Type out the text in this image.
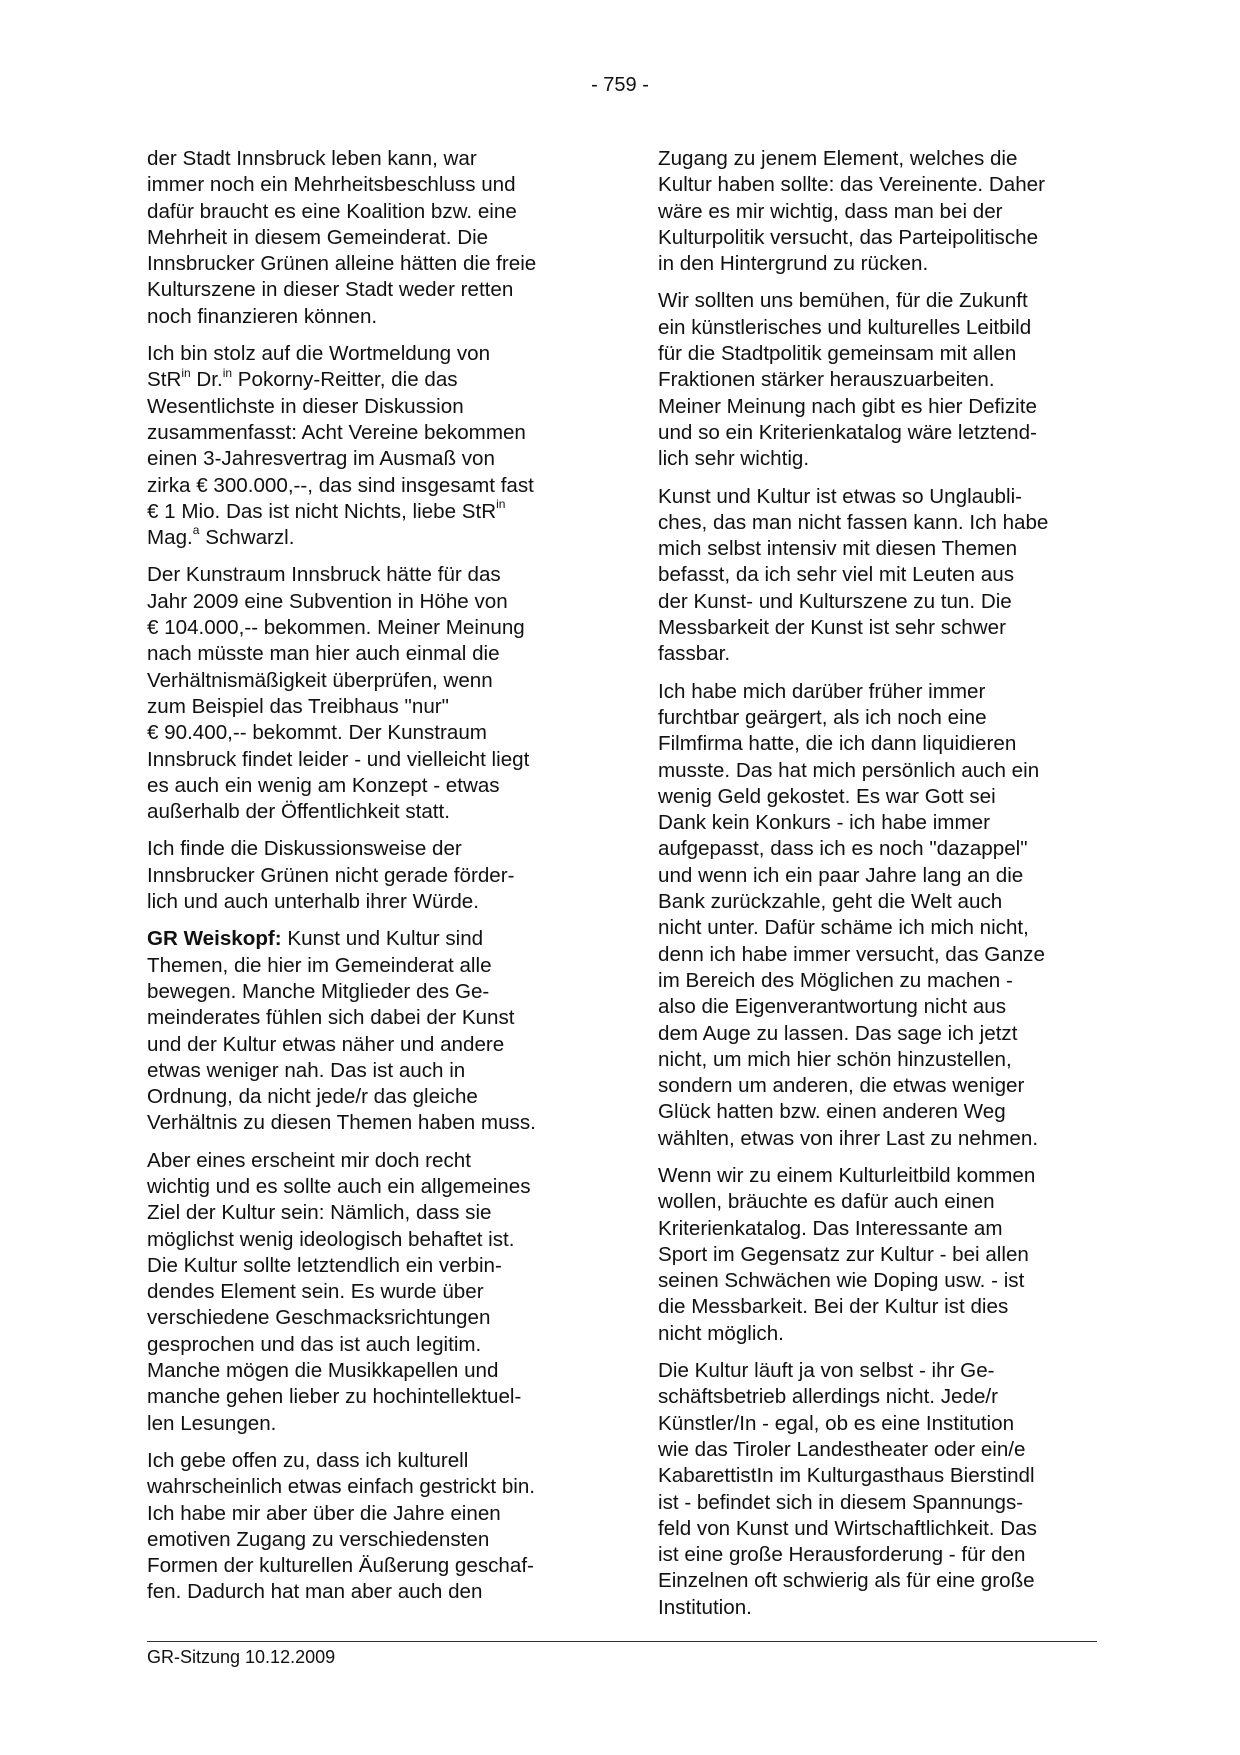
- 759 -

der Stadt Innsbruck leben kann, war
immer noch ein Mehrheitsbeschluss und
dafür braucht es eine Koalition bzw. eine
Mehrheit in diesem Gemeinderat. Die
Innsbrucker Grünen alleine hätten die freie
Kulturszene in dieser Stadt weder retten
noch finanzieren können.

Ich bin stolz auf die Wortmeldung von
StR$^{in}$ Dr.$^{in}$ Pokorny-Reitter, die das
Wesentlichste in dieser Diskussion
zusammenfasst: Acht Vereine bekommen
einen 3-Jahresvertrag im Ausmaß von
zirka € 300.000,--, das sind insgesamt fast
€ 1 Mio. Das ist nicht Nichts, liebe StR$^{in}$
Mag.$^a$ Schwarzl.

Der Kunstraum Innsbruck hätte für das
Jahr 2009 eine Subvention in Höhe von
€ 104.000,-- bekommen. Meiner Meinung
nach müsste man hier auch einmal die
Verhältnismäßigkeit überprüfen, wenn
zum Beispiel das Treibhaus "nur"
€ 90.400,-- bekommt. Der Kunstraum
Innsbruck findet leider - und vielleicht liegt
es auch ein wenig am Konzept - etwas
außerhalb der Öffentlichkeit statt.

Ich finde die Diskussionsweise der
Innsbrucker Grünen nicht gerade förder-
lich und auch unterhalb ihrer Würde.

GR Weiskopf: Kunst und Kultur sind
Themen, die hier im Gemeinderat alle
bewegen. Manche Mitglieder des Ge-
meinderates fühlen sich dabei der Kunst
und der Kultur etwas näher und andere
etwas weniger nah. Das ist auch in
Ordnung, da nicht jede/r das gleiche
Verhältnis zu diesen Themen haben muss.

Aber eines erscheint mir doch recht
wichtig und es sollte auch ein allgemeines
Ziel der Kultur sein: Nämlich, dass sie
möglichst wenig ideologisch behaftet ist.
Die Kultur sollte letztendlich ein verbin-
dendes Element sein. Es wurde über
verschiedene Geschmacksrichtungen
gesprochen und das ist auch legitim.
Manche mögen die Musikkapellen und
manche gehen lieber zu hochintellektuel-
len Lesungen.

Ich gebe offen zu, dass ich kulturell
wahrscheinlich etwas einfach gestrickt bin.
Ich habe mir aber über die Jahre einen
emotiven Zugang zu verschiedensten
Formen der kulturellen Äußerung geschaf-
fen. Dadurch hat man aber auch den

Zugang zu jenem Element, welches die
Kultur haben sollte: das Vereinente. Daher
wäre es mir wichtig, dass man bei der
Kulturpolitik versucht, das Parteipolitische
in den Hintergrund zu rücken.

Wir sollten uns bemühen, für die Zukunft
ein künstlerisches und kulturelles Leitbild
für die Stadtpolitik gemeinsam mit allen
Fraktionen stärker herauszuarbeiten.
Meiner Meinung nach gibt es hier Defizite
und so ein Kriterienkatalog wäre letztend-
lich sehr wichtig.

Kunst und Kultur ist etwas so Unglaubli-
ches, das man nicht fassen kann. Ich habe
mich selbst intensiv mit diesen Themen
befasst, da ich sehr viel mit Leuten aus
der Kunst- und Kulturszene zu tun. Die
Messbarkeit der Kunst ist sehr schwer
fassbar.

Ich habe mich darüber früher immer
furchtbar geärgert, als ich noch eine
Filmfirma hatte, die ich dann liquidieren
musste. Das hat mich persönlich auch ein
wenig Geld gekostet. Es war Gott sei
Dank kein Konkurs - ich habe immer
aufgepasst, dass ich es noch "dazappel"
und wenn ich ein paar Jahre lang an die
Bank zurückzahle, geht die Welt auch
nicht unter. Dafür schäme ich mich nicht,
denn ich habe immer versucht, das Ganze
im Bereich des Möglichen zu machen -
also die Eigenverantwortung nicht aus
dem Auge zu lassen. Das sage ich jetzt
nicht, um mich hier schön hinzustellen,
sondern um anderen, die etwas weniger
Glück hatten bzw. einen anderen Weg
wählten, etwas von ihrer Last zu nehmen.

Wenn wir zu einem Kulturleitbild kommen
wollen, bräuchte es dafür auch einen
Kriterienkatalog. Das Interessante am
Sport im Gegensatz zur Kultur - bei allen
seinen Schwächen wie Doping usw. - ist
die Messbarkeit. Bei der Kultur ist dies
nicht möglich.

Die Kultur läuft ja von selbst - ihr Ge-
schäftsbetrieb allerdings nicht. Jede/r
Künstler/In - egal, ob es eine Institution
wie das Tiroler Landestheater oder ein/e
KabarettistIn im Kulturgasthaus Bierstindl
ist - befindet sich in diesem Spannungs-
feld von Kunst und Wirtschaftlichkeit. Das
ist eine große Herausforderung - für den
Einzelnen oft schwierig als für eine große
Institution.

GR-Sitzung 10.12.2009
